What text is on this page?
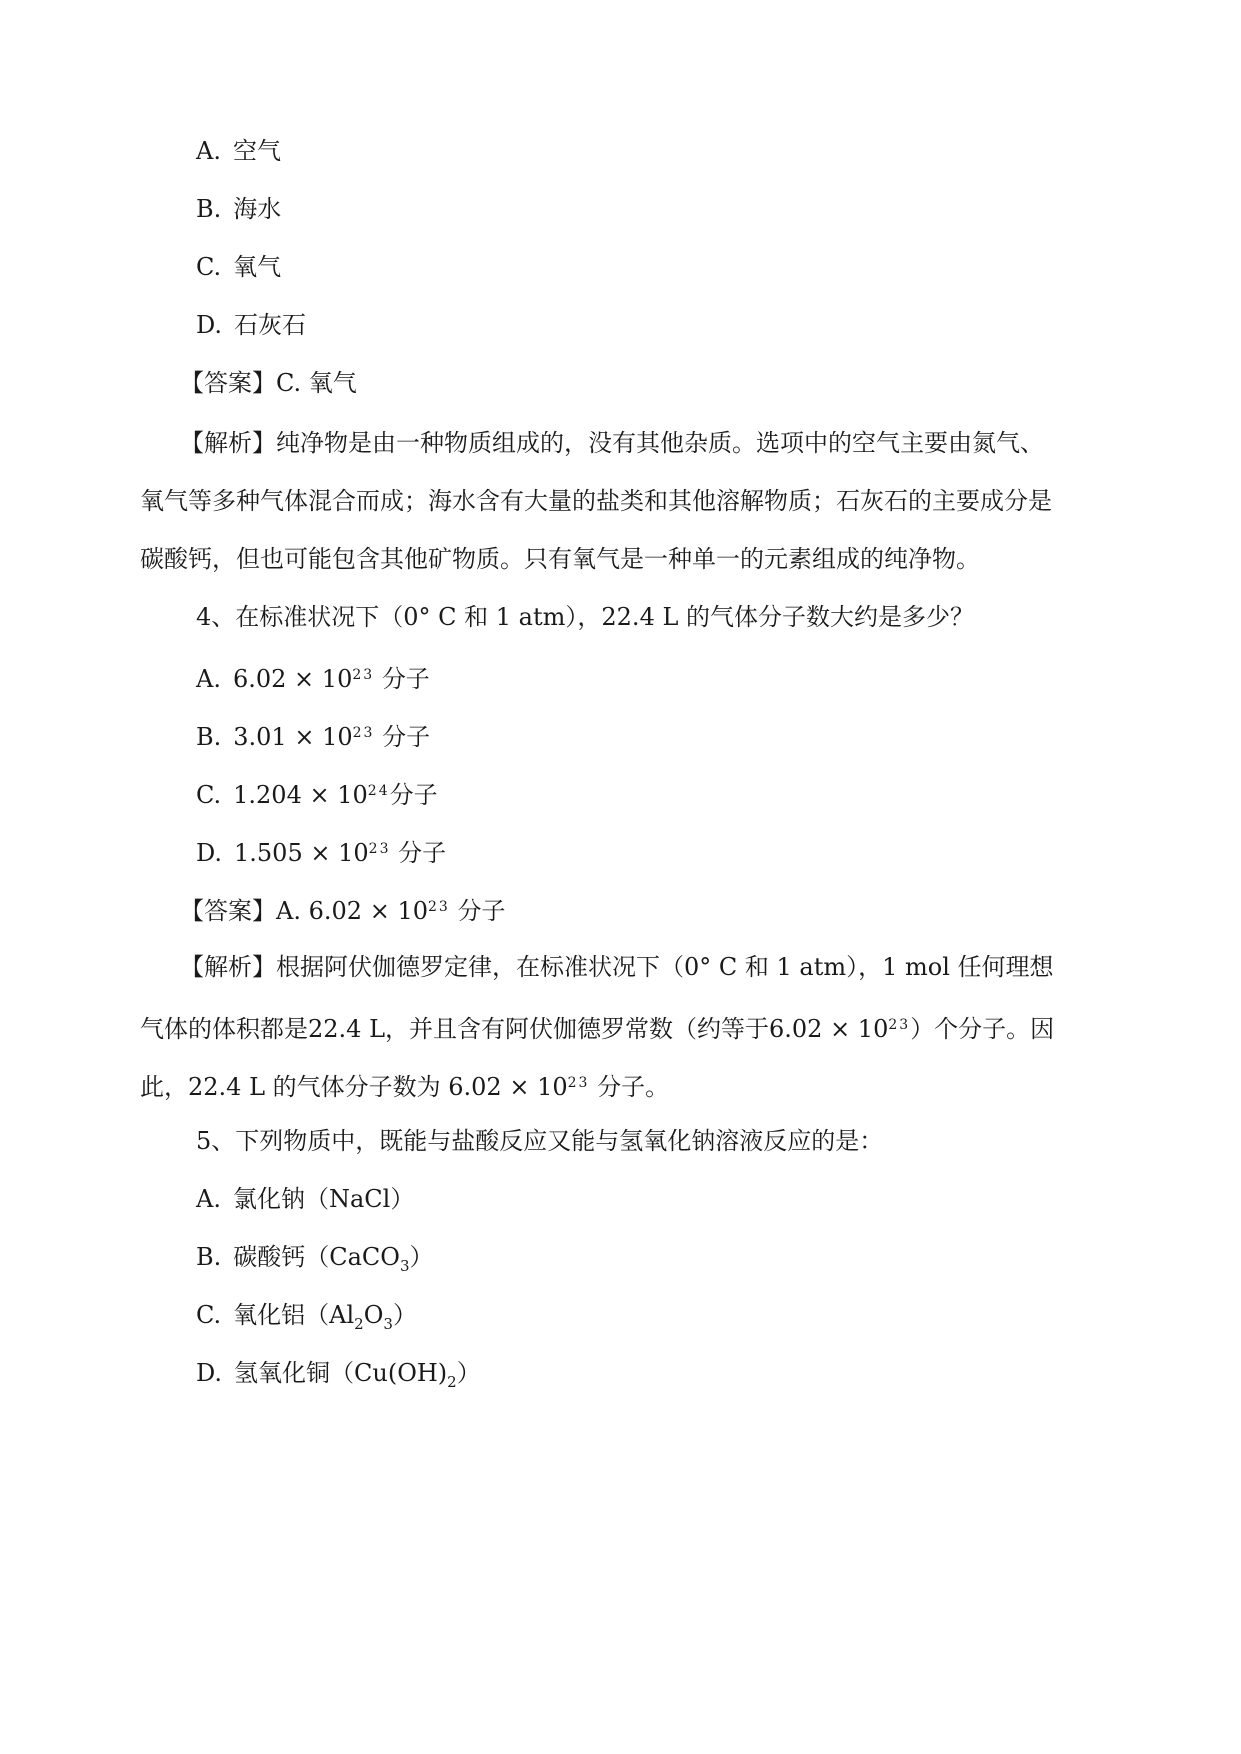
A. 空气
B. 海水
C. 氧气
D. 石灰石
【答案】C. 氧气
【解析】纯净物是由一种物质组成的，没有其他杂质。选项中的空气主要由氮气、
氧气等多种气体混合而成；海水含有大量的盐类和其他溶解物质；石灰石的主要成分是
碳酸钙，但也可能包含其他矿物质。只有氧气是一种单一的元素组成的纯净物。
4、在标准状况下（0° C 和 1 atm），22.4 L 的气体分子数大约是多少？
A. $6.02 \times 10^{23}$ 分子
B. $3.01 \times 10^{23}$ 分子
C. $1.204 \times 10^{24}$分子
D. $1.505 \times 10^{23}$ 分子
【答案】A. $6.02 \times 10^{23}$ 分子
【解析】根据阿伏伽德罗定律，在标准状况下（0° C 和 1 atm），1 mol 任何理想
气体的体积都是22.4 L，并且含有阿伏伽德罗常数（约等于$6.02 \times 10^{23}$）个分子。因
此，22.4 L 的气体分子数为 $6.02 \times 10^{23}$ 分子。
5、下列物质中，既能与盐酸反应又能与氢氧化钠溶液反应的是：
A. 氯化钠（NaCl）
B. 碳酸钙（CaCO$_3$）
C. 氧化铝$(Al_2O_3)$
D. 氢氧化铜$(Cu(OH)_2)$
